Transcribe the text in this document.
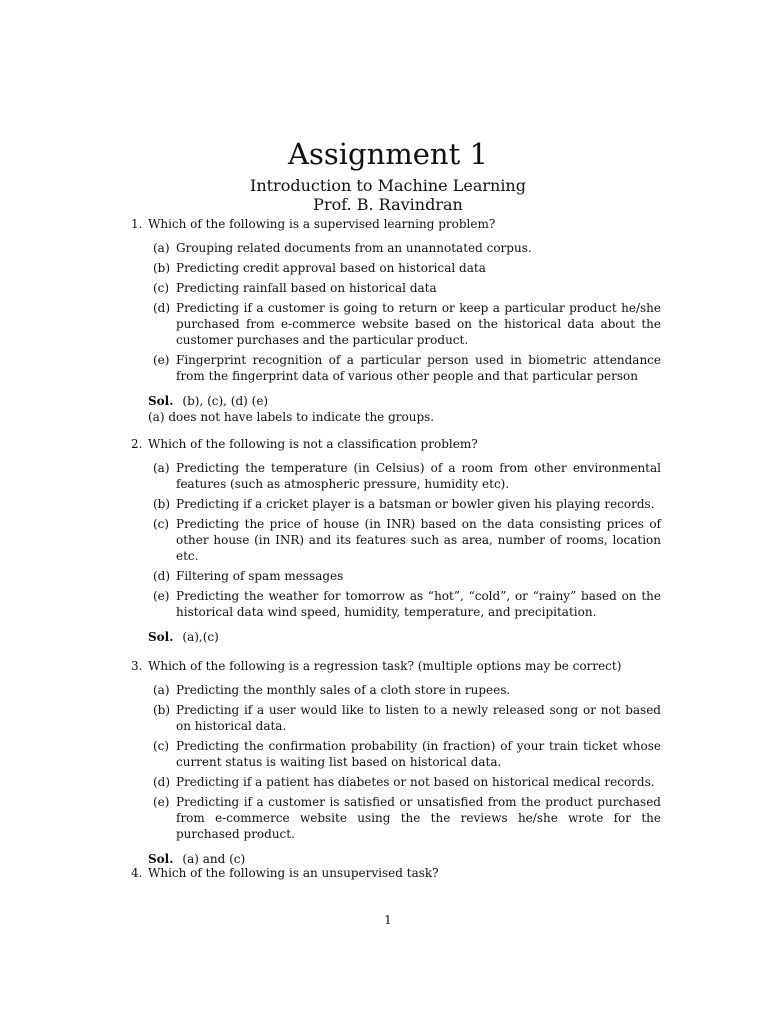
Assignment 1
Introduction to Machine Learning
Prof. B. Ravindran
1. Which of the following is a supervised learning problem?
(a) Grouping related documents from an unannotated corpus.
(b) Predicting credit approval based on historical data
(c) Predicting rainfall based on historical data
(d) Predicting if a customer is going to return or keep a particular product he/she purchased from e-commerce website based on the historical data about the customer purchases and the particular product.
(e) Fingerprint recognition of a particular person used in biometric attendance from the fingerprint data of various other people and that particular person
Sol. (b), (c), (d) (e)
(a) does not have labels to indicate the groups.
2. Which of the following is not a classification problem?
(a) Predicting the temperature (in Celsius) of a room from other environmental features (such as atmospheric pressure, humidity etc).
(b) Predicting if a cricket player is a batsman or bowler given his playing records.
(c) Predicting the price of house (in INR) based on the data consisting prices of other house (in INR) and its features such as area, number of rooms, location etc.
(d) Filtering of spam messages
(e) Predicting the weather for tomorrow as “hot”, “cold”, or “rainy” based on the historical data wind speed, humidity, temperature, and precipitation.
Sol. (a),(c)
3. Which of the following is a regression task? (multiple options may be correct)
(a) Predicting the monthly sales of a cloth store in rupees.
(b) Predicting if a user would like to listen to a newly released song or not based on historical data.
(c) Predicting the confirmation probability (in fraction) of your train ticket whose current status is waiting list based on historical data.
(d) Predicting if a patient has diabetes or not based on historical medical records.
(e) Predicting if a customer is satisfied or unsatisfied from the product purchased from e-commerce website using the the reviews he/she wrote for the purchased product.
Sol. (a) and (c)
4. Which of the following is an unsupervised task?
1
